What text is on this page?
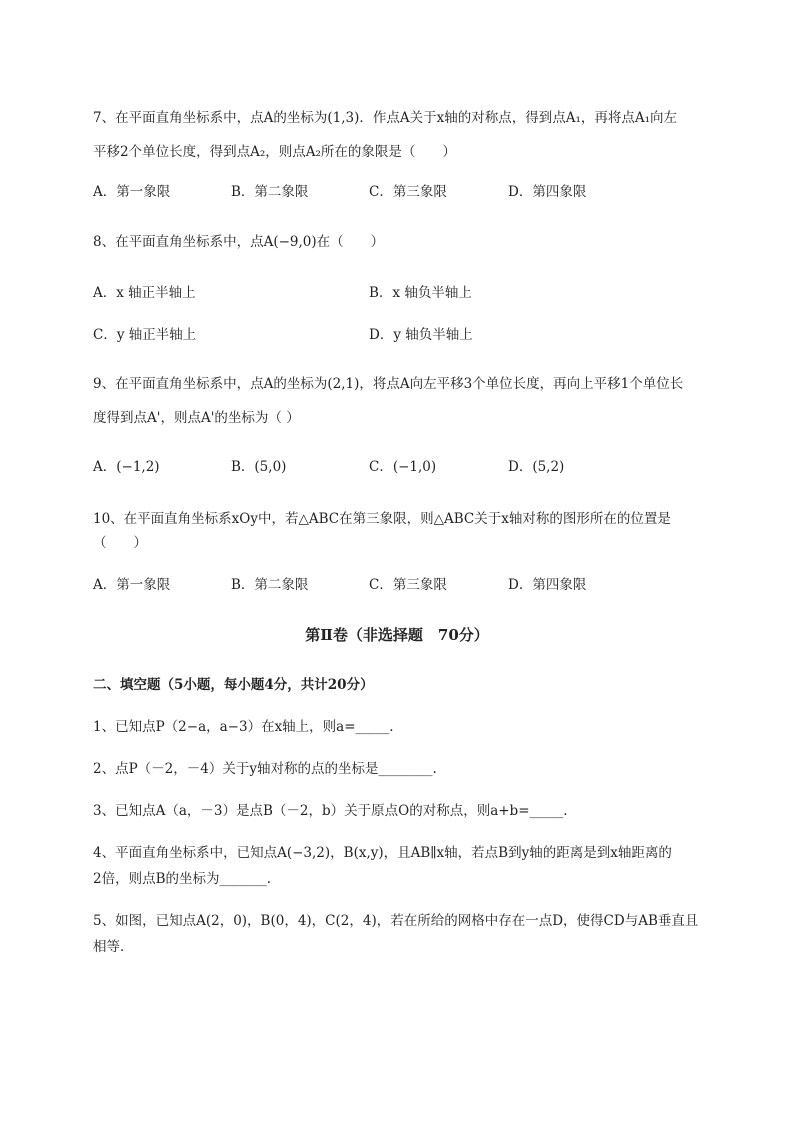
7、在平面直角坐标系中，点A的坐标为(1,3)．作点A关于x轴的对称点，得到点A₁，再将点A₁向左
平移2个单位长度，得到点A₂，则点A₂所在的象限是（　　）
A．第一象限	B．第二象限	C．第三象限	D．第四象限
8、在平面直角坐标系中，点A(−9,0)在（　　）
A．x 轴正半轴上	B．x 轴负半轴上
C．y 轴正半轴上	D．y 轴负半轴上
9、在平面直角坐标系中，点A的坐标为(2,1)，将点A向左平移3个单位长度，再向上平移1个单位长
度得到点A'，则点A'的坐标为（ ）
A．(−1,2)	B．(5,0)	C．(−1,0)	D．(5,2)
10、在平面直角坐标系xOy中，若△ABC在第三象限，则△ABC关于x轴对称的图形所在的位置是
（　　）
A．第一象限	B．第二象限	C．第三象限	D．第四象限
第Ⅱ卷（非选择题　70分）
二、填空题（5小题，每小题4分，共计20分）
1、已知点P（2−a，a−3）在x轴上，则a=_____.
2、点P（－2，－4）关于y轴对称的点的坐标是________.
3、已知点A（a，－3）是点B（－2，b）关于原点O的对称点，则a+b=_____.
4、平面直角坐标系中，已知点A(−3,2)，B(x,y)，且AB∥x轴，若点B到y轴的距离是到x轴距离的
2倍，则点B的坐标为_______.
5、如图，已知点A(2，0)，B(0，4)，C(2，4)，若在所给的网格中存在一点D，使得CD与AB垂直且
相等．
